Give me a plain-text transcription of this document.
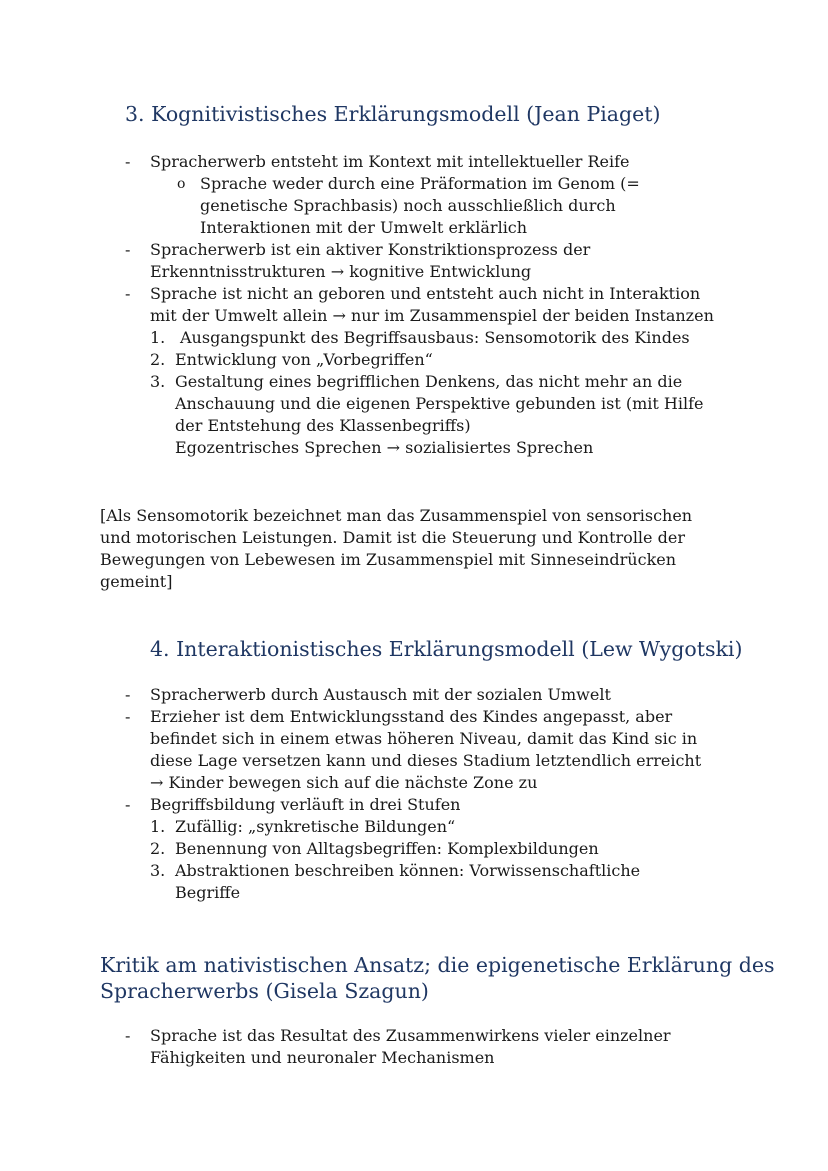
3. Kognitivistisches Erklärungsmodell (Jean Piaget)
- Spracherwerb entsteht im Kontext mit intellektueller Reife
o Sprache weder durch eine Präformation im Genom (=
genetische Sprachbasis) noch ausschließlich durch
Interaktionen mit der Umwelt erklärlich
- Spracherwerb ist ein aktiver Konstriktionsprozess der
Erkenntnisstrukturen → kognitive Entwicklung
- Sprache ist nicht an geboren und entsteht auch nicht in Interaktion
mit der Umwelt allein → nur im Zusammenspiel der beiden Instanzen
1. Ausgangspunkt des Begriffsausbaus: Sensomotorik des Kindes
2. Entwicklung von „Vorbegriffen“
3. Gestaltung eines begrifflichen Denkens, das nicht mehr an die
Anschauung und die eigenen Perspektive gebunden ist (mit Hilfe
der Entstehung des Klassenbegriffs)
Egozentrisches Sprechen → sozialisiertes Sprechen
[Als Sensomotorik bezeichnet man das Zusammenspiel von sensorischen
und motorischen Leistungen. Damit ist die Steuerung und Kontrolle der
Bewegungen von Lebewesen im Zusammenspiel mit Sinneseindrücken
gemeint]
4. Interaktionistisches Erklärungsmodell (Lew Wygotski)
- Spracherwerb durch Austausch mit der sozialen Umwelt
- Erzieher ist dem Entwicklungsstand des Kindes angepasst, aber
befindet sich in einem etwas höheren Niveau, damit das Kind sic in
diese Lage versetzen kann und dieses Stadium letztendlich erreicht
→ Kinder bewegen sich auf die nächste Zone zu
- Begriffsbildung verläuft in drei Stufen
1. Zufällig: „synkretische Bildungen“
2. Benennung von Alltagsbegriffen: Komplexbildungen
3. Abstraktionen beschreiben können: Vorwissenschaftliche
Begriffe
Kritik am nativistischen Ansatz; die epigenetische Erklärung des
Spracherwerbs (Gisela Szagun)
- Sprache ist das Resultat des Zusammenwirkens vieler einzelner
Fähigkeiten und neuronaler Mechanismen
